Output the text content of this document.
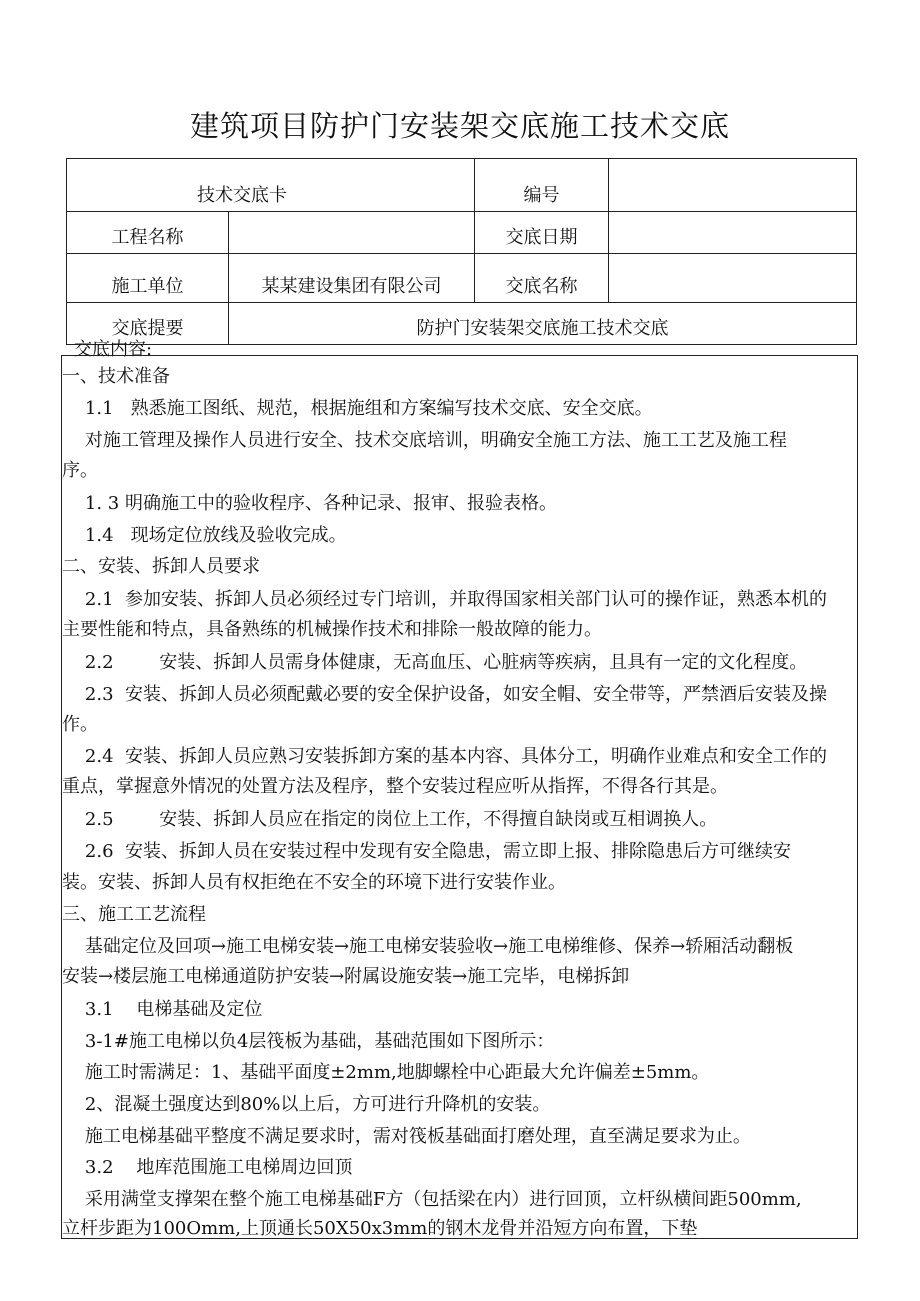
建筑项目防护门安装架交底施工技术交底
技术交底卡		编号	
工程名称		交底日期	
施工单位	某某建设集团有限公司	交底名称	
交底提要	防护门安装架交底施工技术交底		
交底内容:

一、技术准备

1.1   熟悉施工图纸、规范，根据施组和方案编写技术交底、安全交底。

对施工管理及操作人员进行安全、技术交底培训，明确安全施工方法、施工工艺及施工程

序。

1. 3 明确施工中的验收程序、各种记录、报审、报验表格。

1.4   现场定位放线及验收完成。

二、安装、拆卸人员要求

2.1  参加安装、拆卸人员必须经过专门培训，并取得国家相关部门认可的操作证，熟悉本机的

主要性能和特点，具备熟练的机械操作技术和排除一般故障的能力。

2.2        安装、拆卸人员需身体健康，无高血压、心脏病等疾病，且具有一定的文化程度。

2.3  安装、拆卸人员必须配戴必要的安全保护设备，如安全帽、安全带等，严禁酒后安装及操

作。

2.4  安装、拆卸人员应熟习安装拆卸方案的基本内容、具体分工，明确作业难点和安全工作的

重点，掌握意外情况的处置方法及程序，整个安装过程应听从指挥，不得各行其是。

2.5        安装、拆卸人员应在指定的岗位上工作，不得擅自缺岗或互相调换人。

2.6  安装、拆卸人员在安装过程中发现有安全隐患，需立即上报、排除隐患后方可继续安

装。安装、拆卸人员有权拒绝在不安全的环境下进行安装作业。

三、施工工艺流程

基础定位及回项→施工电梯安装→施工电梯安装验收→施工电梯维修、保养→轿厢活动翻板

安装→楼层施工电梯通道防护安装→附属设施安装→施工完毕，电梯拆卸

3.1    电梯基础及定位

3-1#施工电梯以负4层筏板为基础，基础范围如下图所示：

施工时需满足：1、基础平面度±2mm,地脚螺栓中心距最大允许偏差±5mm。

2、混凝土强度达到80%以上后，方可进行升降机的安装。

施工电梯基础平整度不满足要求时，需对筏板基础面打磨处理，直至满足要求为止。

3.2    地库范围施工电梯周边回顶

采用满堂支撑架在整个施工电梯基础F方（包括梁在内）进行回顶，立杆纵横间距500mm,

立杆步距为100Omm,上顶通长50X50x3mm的钢木龙骨并沿短方向布置，下垫
